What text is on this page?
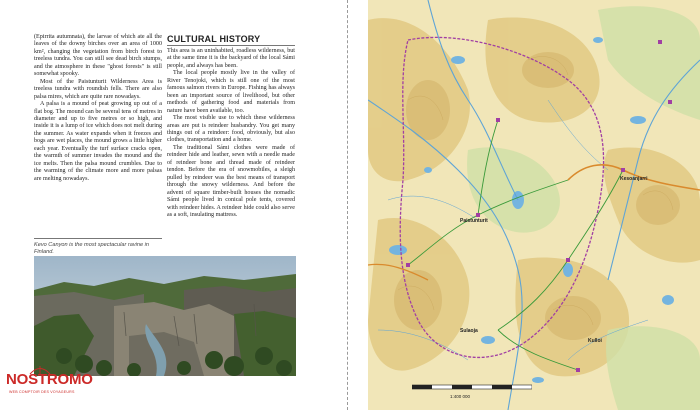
(Epirrita autumnata), the larvae of which ate all the leaves of the downy birches over an area of 1000 km², changing the vegetation from birch forest to treeless tundra. You can still see dead birch stumps, and the atmosphere in these "ghost forests" is still somewhat spooky.

Most of the Paistunturit Wilderness Area is treeless tundra with roundish fells. There are also palsa mires, which are quite rare nowadays.

A palsa is a mound of peat growing up out of a flat bog. The mound can be several tens of metres in diameter and up to five metres or so high, and inside it is a lump of ice which does not melt during the summer. As water expands when it freezes and bogs are wet places, the mound grows a little higher each year. Eventually the turf surface cracks open, the warmth of summer invades the mound and the ice melts. Then the palsa mound crumbles. Due to the warming of the climate more and more palsas are melting nowadays.

Kevo Canyon is the most spectacular ravine in Finland.
CULTURAL HISTORY

This area is an uninhabited, roadless wilderness, but at the same time it is the backyard of the local Sámi people, and always has been.

The local people mostly live in the valley of River Tenojoki, which is still one of the most famous salmon rivers in Europe. Fishing has always been an important source of livelihood, but other methods of gathering food and materials from nature have been available, too.

The most visible use to which these wilderness areas are put is reindeer husbandry. You get many things out of a reindeer: food, obviously, but also clothes, transportation and a home.

The traditional Sámi clothes were made of reindeer hide and leather, sewn with a needle made of reindeer bone and thread made of reindeer tendon. Before the era of snowmobiles, a sleigh pulled by reindeer was the best means of transport through the snowy wilderness. And before the advent of square timber-built houses the nomadic Sámi people lived in conical pole tents, covered with reindeer hides. A reindeer hide could also serve as a soft, insulating mattress.

NOSTROMO
WEB COMPTOIR DES VOYAGEURS
Kesoanjarri
Paistunturit
Sulaoja
Kulloi
1:400 000
